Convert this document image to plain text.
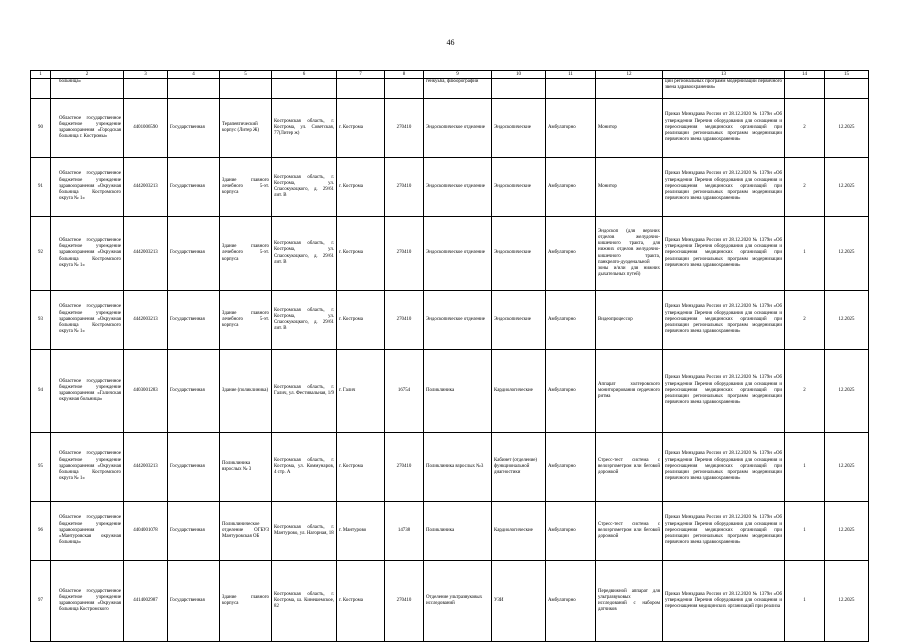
46
1	2	3	4	5	6	7	8	9	10	11	12	13	14	15
	больница»							генкуьба, флюорографии				ции региональных программ модернизации первичного звена здравоохранения»		
90	Областное государственное бюджетное учреждение здравоохранения «Городская больница г. Костромы»	4401006590	Государственная	Терапевтический корпус (Литер Ж)	Костромская область, г. Кострома, ул. Советская, 77(Литер ж)	г. Кострома	270410	Эндоскопическое отделение	Эндоскопические	Амбулаторно	Монитор	Приказ Минздрава России от 28.12.2020 № 1379н «Об утверждении Перечня оборудования для оснащения и переоснащения медицинских организаций при реализации региональных программ модернизации первичного звена здравоохранения»	2	12.2025
91	Областное государственное бюджетное учреждение здравоохранения «Окружная больница Костромского округа № 1»	4442003213	Государственная	Здание главного лечебного 5-эт. корпуса	Костромская область, г. Кострома, ул. Спасокукоцкого, д. 29/61 лит. В	г. Кострома	270410	Эндоскопическое отделение	Эндоскопические	Амбулаторно	Монитор	Приказ Минздрава России от 28.12.2020 № 1379н «Об утверждении Перечня оборудования для оснащения и переоснащения медицинских организаций при реализации региональных программ модернизации первичного звена здравоохранения»	2	12.2025
92	Областное государственное бюджетное учреждение здравоохранения «Окружная больница Костромского округа № 1»	4442003213	Государственная	Здание главного лечебного 5-эт. корпуса	Костромская область, г. Кострома, ул. Спасокукоцкого, д. 29/61 лит. В	г. Кострома	270410	Эндоскопическое отделение	Эндоскопические	Амбулаторно	Эндоскоп (для верхних отделов желудочно-кишечного тракта, для нижних отделов желудочно-кишечного тракта, панкреато-дуоденальной зоны и/или для нижних дыхательных путей)	Приказ Минздрава России от 28.12.2020 № 1379н «Об утверждении Перечня оборудования для оснащения и переоснащения медицинских организаций при реализации региональных программ модернизации первичного звена здравоохранения»	1	12.2025
93	Областное государственное бюджетное учреждение здравоохранения «Окружная больница Костромского округа № 1»	4442003213	Государственная	Здание главного лечебного 5-эт. корпуса	Костромская область, г. Кострома, ул. Спасокукоцкого, д. 29/61 лит. В	г. Кострома	270410	Эндоскопическое отделение	Эндоскопические	Амбулаторно	Видеопроцессор	Приказ Минздрава России от 28.12.2020 № 1379н «Об утверждении Перечня оборудования для оснащения и переоснащения медицинских организаций при реализации региональных программ модернизации первичного звена здравоохранения»	2	12.2025
94	Областное государственное бюджетное учреждение здравоохранения «Галичская окружная больница»	4403001283	Государственная	Здание (поликлиника)	Костромская область, г. Галич, ул. Фестивальная, 1/9	г. Галич	16754	Поликлиника	Кардиологические	Амбулаторно	Аппарат холтеровского мониторирования сердечного ритма	Приказ Минздрава России от 28.12.2020 № 1379н «Об утверждении Перечня оборудования для оснащения и переоснащения медицинских организаций при реализации региональных программ модернизации первичного звена здравоохранения»	2	12.2025
95	Областное государственное бюджетное учреждение здравоохранения «Окружная больница Костромского округа № 1»	4442003213	Государственная	Поликлиника взрослых № 3	Костромская область, г. Кострома, ул. Коммунаров, 4 стр. А	г. Кострома	270410	Поликлиника взрослых №3	Кабинет (отделение) функциональной диагностики	Амбулаторно	Стресс-тест система с велоэргометром или беговой дорожкой	Приказ Минздрава России от 28.12.2020 № 1379н «Об утверждении Перечня оборудования для оснащения и переоснащения медицинских организаций при реализации региональных программ модернизации первичного звена здравоохранения»	1	12.2025
96	Областное государственное бюджетное учреждение здравоохранения «Мантуровская окружная больница»	4404001078	Государственная	Поликлиническое отделение ОГБУЗ Мантуровская ОБ	Костромская область, г. Мантурово, ул. Нагорная, 18	г. Мантурово	14738	Поликлиника	Кардиологические	Амбулаторно	Стресс-тест система с велоэргометром или беговой дорожкой	Приказ Минздрава России от 28.12.2020 № 1379н «Об утверждении Перечня оборудования для оснащения и переоснащения медицинских организаций при реализации региональных программ модернизации первичного звена здравоохранения»	1	12.2025
97	Областное государственное бюджетное учреждение здравоохранения «Окружная больница Костромского	4414002987	Государственная	Здание главного корпуса	Костромская область, г. Кострома, ш. Кинешемское, 82	г. Кострома	270410	Отделение ультразвуковых исследований	УЗИ	Амбулаторно	Передвижной аппарат для ультразвуковых исследований с набором датчиков	Приказ Минздрава России от 28.12.2020 № 1379н «Об утверждении Перечня оборудования для оснащения и переоснащения медицинских организаций при реализа	1	12.2025
